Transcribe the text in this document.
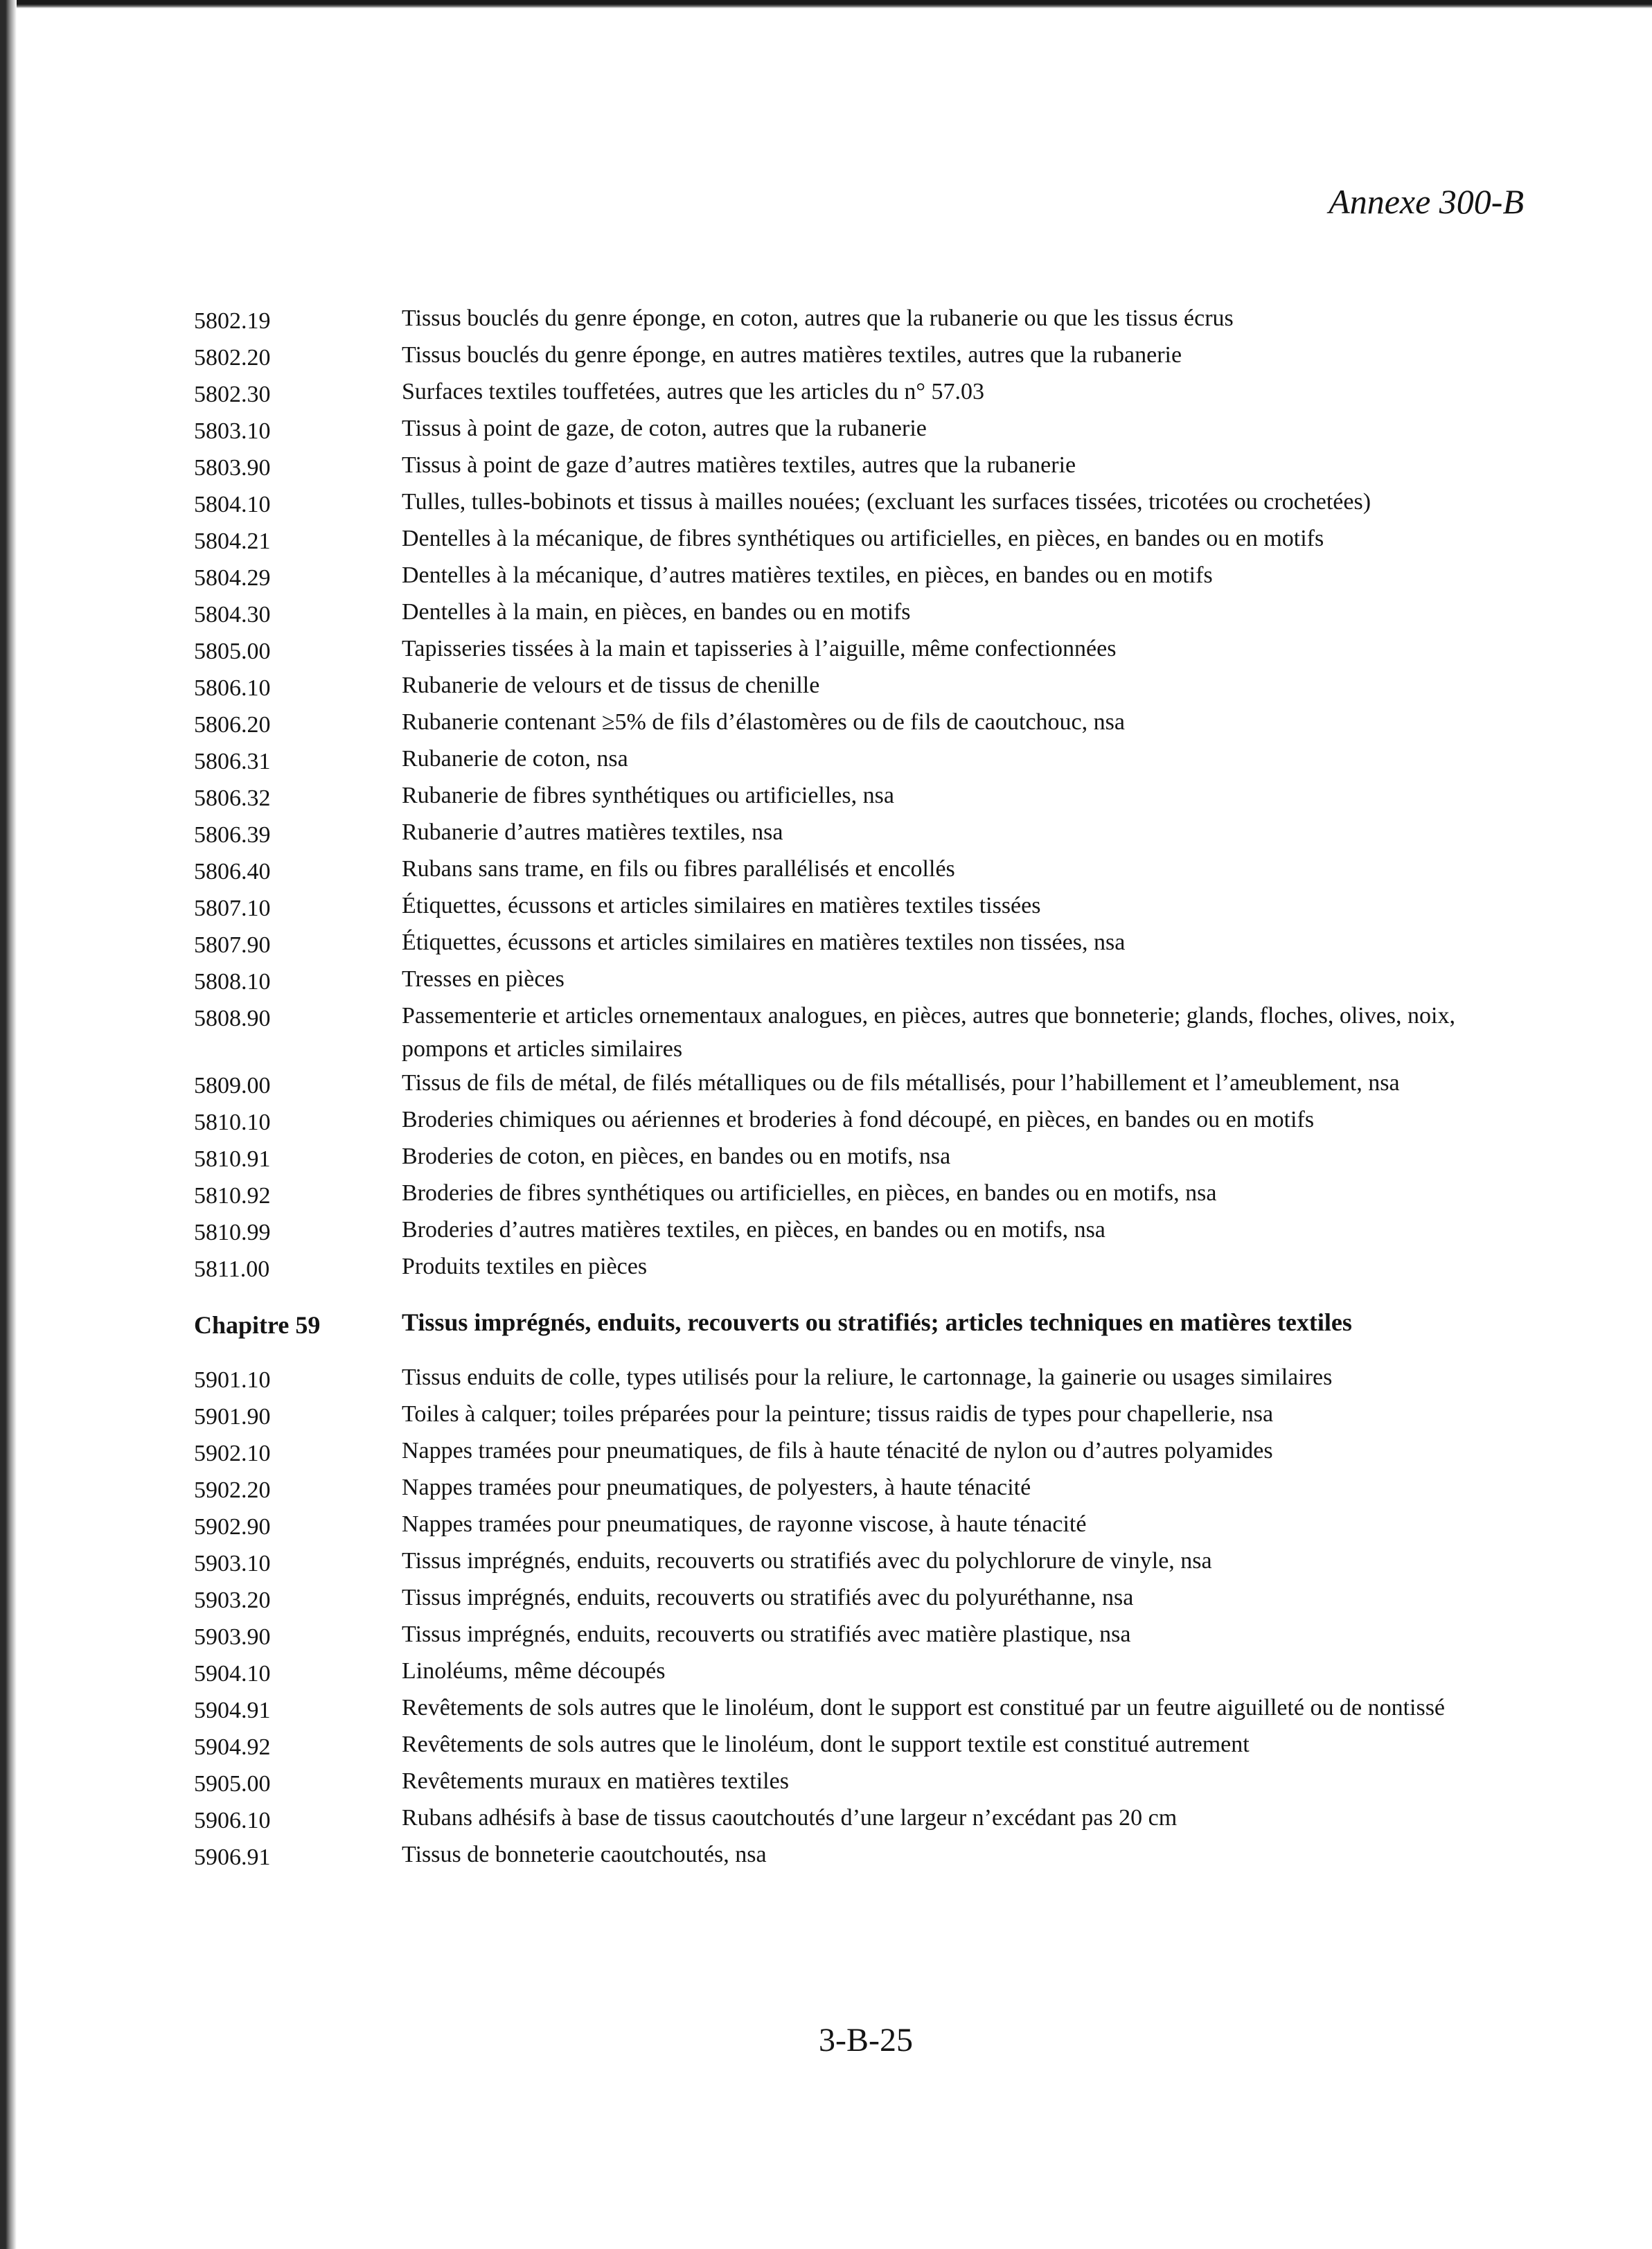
Annexe 300-B
5802.19	Tissus bouclés du genre éponge, en coton, autres que la rubanerie ou que les tissus écrus
5802.20	Tissus bouclés du genre éponge, en autres matières textiles, autres que la rubanerie
5802.30	Surfaces textiles touffetées, autres que les articles du n° 57.03
5803.10	Tissus à point de gaze, de coton, autres que la rubanerie
5803.90	Tissus à point de gaze d’autres matières textiles, autres que la rubanerie
5804.10	Tulles, tulles-bobinots et tissus à mailles nouées; (excluant les surfaces tissées, tricotées ou crochetées)
5804.21	Dentelles à la mécanique, de fibres synthétiques ou artificielles, en pièces, en bandes ou en motifs
5804.29	Dentelles à la mécanique, d’autres matières textiles, en pièces, en bandes ou en motifs
5804.30	Dentelles à la main, en pièces, en bandes ou en motifs
5805.00	Tapisseries tissées à la main et tapisseries à l’aiguille, même confectionnées
5806.10	Rubanerie de velours et de tissus de chenille
5806.20	Rubanerie contenant ≥5% de fils d’élastomères ou de fils de caoutchouc, nsa
5806.31	Rubanerie de coton, nsa
5806.32	Rubanerie de fibres synthétiques ou artificielles, nsa
5806.39	Rubanerie d’autres matières textiles, nsa
5806.40	Rubans sans trame, en fils ou fibres parallélisés et encollés
5807.10	Étiquettes, écussons et articles similaires en matières textiles tissées
5807.90	Étiquettes, écussons et articles similaires en matières textiles non tissées, nsa
5808.10	Tresses en pièces
5808.90	Passementerie et articles ornementaux analogues, en pièces, autres que bonneterie; glands, floches, olives, noix, pompons et articles similaires
5809.00	Tissus de fils de métal, de filés métalliques ou de fils métallisés, pour l’habillement et l’ameublement, nsa
5810.10	Broderies chimiques ou aériennes et broderies à fond découpé, en pièces, en bandes ou en motifs
5810.91	Broderies de coton, en pièces, en bandes ou en motifs, nsa
5810.92	Broderies de fibres synthétiques ou artificielles, en pièces, en bandes ou en motifs, nsa
5810.99	Broderies d’autres matières textiles, en pièces, en bandes ou en motifs, nsa
5811.00	Produits textiles en pièces
Chapitre 59	Tissus imprégnés, enduits, recouverts ou stratifiés; articles techniques en matières textiles
5901.10	Tissus enduits de colle, types utilisés pour la reliure, le cartonnage, la gainerie ou usages similaires
5901.90	Toiles à calquer; toiles préparées pour la peinture; tissus raidis de types pour chapellerie, nsa
5902.10	Nappes tramées pour pneumatiques, de fils à haute ténacité de nylon ou d’autres polyamides
5902.20	Nappes tramées pour pneumatiques, de polyesters, à haute ténacité
5902.90	Nappes tramées pour pneumatiques, de rayonne viscose, à haute ténacité
5903.10	Tissus imprégnés, enduits, recouverts ou stratifiés avec du polychlorure de vinyle, nsa
5903.20	Tissus imprégnés, enduits, recouverts ou stratifiés avec du polyuréthanne, nsa
5903.90	Tissus imprégnés, enduits, recouverts ou stratifiés avec matière plastique, nsa
5904.10	Linoléums, même découpés
5904.91	Revêtements de sols autres que le linoléum, dont le support est constitué par un feutre aiguilleté ou de nontissé
5904.92	Revêtements de sols autres que le linoléum, dont le support textile est constitué autrement
5905.00	Revêtements muraux en matières textiles
5906.10	Rubans adhésifs à base de tissus caoutchoutés d’une largeur n’excédant pas 20 cm
5906.91	Tissus de bonneterie caoutchoutés, nsa
3-B-25
